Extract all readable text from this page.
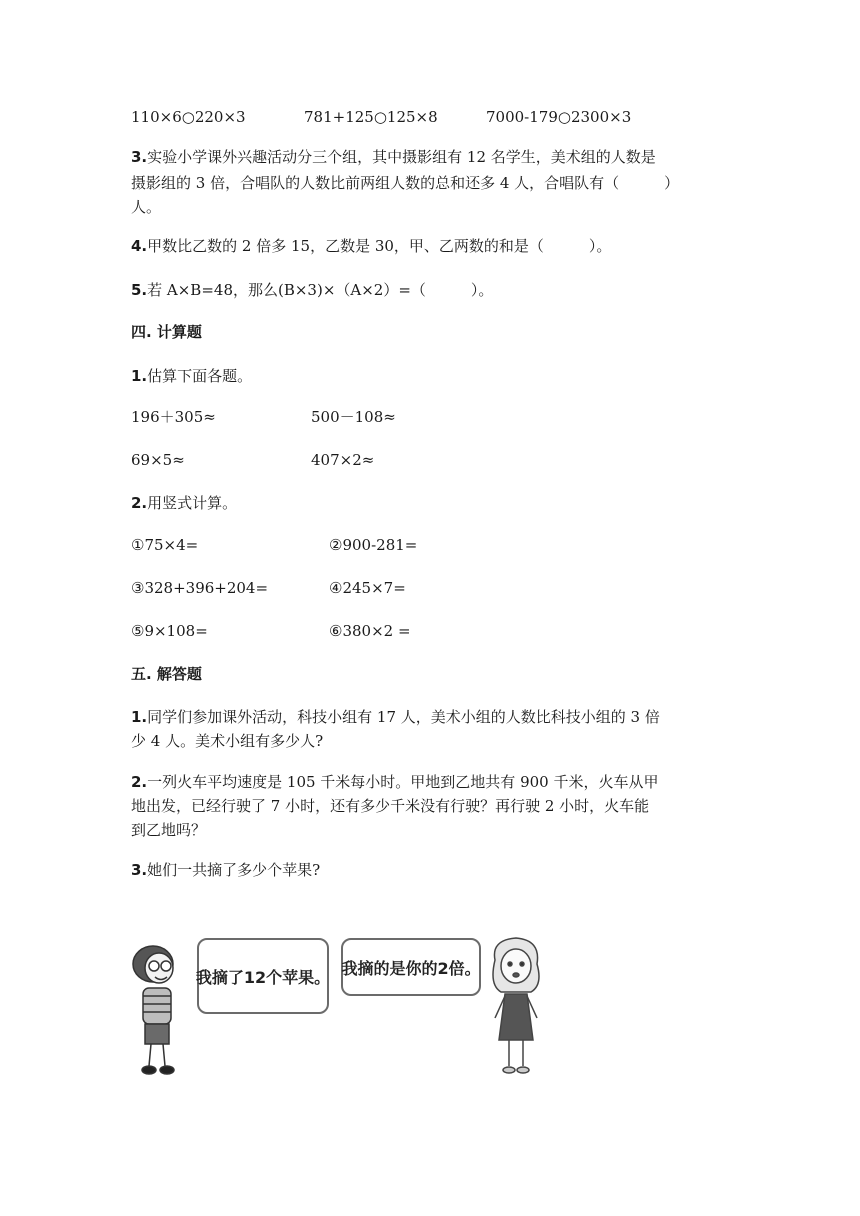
110×6○220×3	781+125○125×8	7000-179○2300×3
3.实验小学课外兴趣活动分三个组，其中摄影组有 12 名学生，美术组的人数是
摄影组的 3 倍，合唱队的人数比前两组人数的总和还多 4 人，合唱队有（　　　）
人。
4.甲数比乙数的 2 倍多 15，乙数是 30，甲、乙两数的和是（　　　）。
5.若 A×B=48，那么(B×3)×（A×2）=（　　　）。
四. 计算题
1.估算下面各题。
196＋305≈	500－108≈
69×5≈	407×2≈
2.用竖式计算。
①75×4=	②900-281=
③328+396+204=	④245×7=
⑤9×108=	⑥380×2 =
五. 解答题
1.同学们参加课外活动，科技小组有 17 人，美术小组的人数比科技小组的 3 倍
少 4 人。美术小组有多少人?
2.一列火车平均速度是 105 千米每小时。甲地到乙地共有 900 千米，火车从甲
地出发，已经行驶了 7 小时，还有多少千米没有行驶？再行驶 2 小时，火车能
到乙地吗？
3.她们一共摘了多少个苹果?
我摘了12个苹果。 我摘的是你的2倍。
